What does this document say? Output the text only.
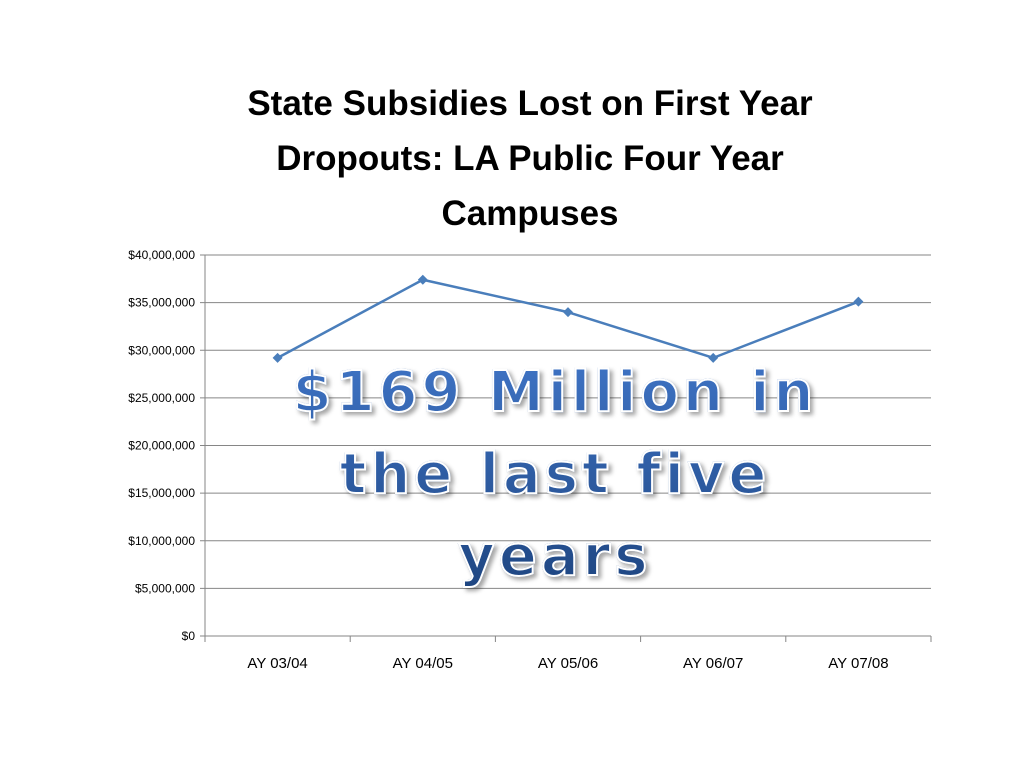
State Subsidies Lost on First Year
Dropouts: LA Public Four Year
Campuses
$0
$5,000,000
$10,000,000
$15,000,000
$20,000,000
$25,000,000
$30,000,000
$35,000,000
$40,000,000
AY 03/04	AY 04/05	AY 05/06	AY 06/07	AY 07/08
$169 Million in
the last five
years
